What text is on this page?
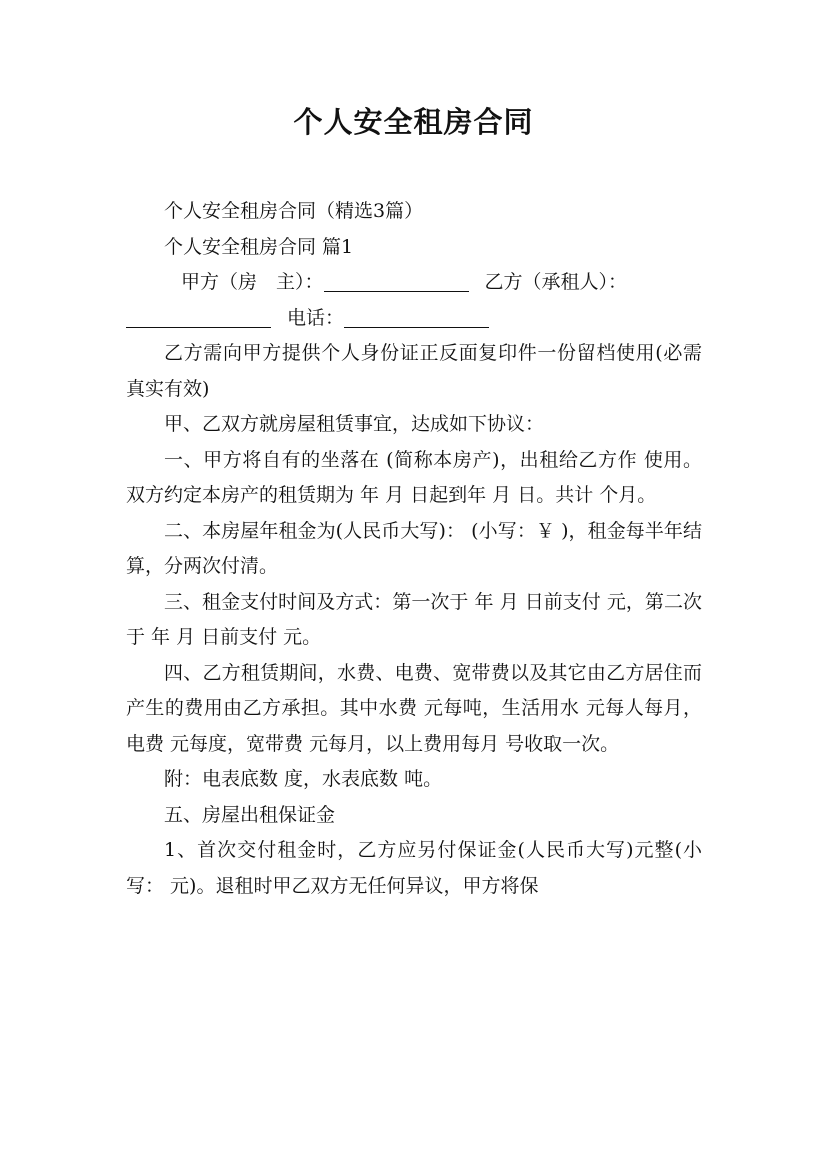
个人安全租房合同

个人安全租房合同（精选3篇）

个人安全租房合同 篇1

甲方（房　主）：	乙方（承租人）：

电话：

乙方需向甲方提供个人身份证正反面复印件一份留档使用(必需真实有效)

甲、乙双方就房屋租赁事宜，达成如下协议：

一、甲方将自有的坐落在 (简称本房产)，出租给乙方作 使用。双方约定本房产的租赁期为 年 月 日起到年 月 日。共计 个月。

二、本房屋年租金为(人民币大写)： (小写：￥ )，租金每半年结算，分两次付清。

三、租金支付时间及方式：第一次于 年 月 日前支付 元，第二次于 年 月 日前支付 元。

四、乙方租赁期间，水费、电费、宽带费以及其它由乙方居住而产生的费用由乙方承担。其中水费 元每吨，生活用水 元每人每月，电费 元每度，宽带费 元每月，以上费用每月 号收取一次。

附：电表底数 度，水表底数 吨。

五、房屋出租保证金

1、首次交付租金时，乙方应另付保证金(人民币大写)元整(小写： 元)。退租时甲乙双方无任何异议，甲方将保
